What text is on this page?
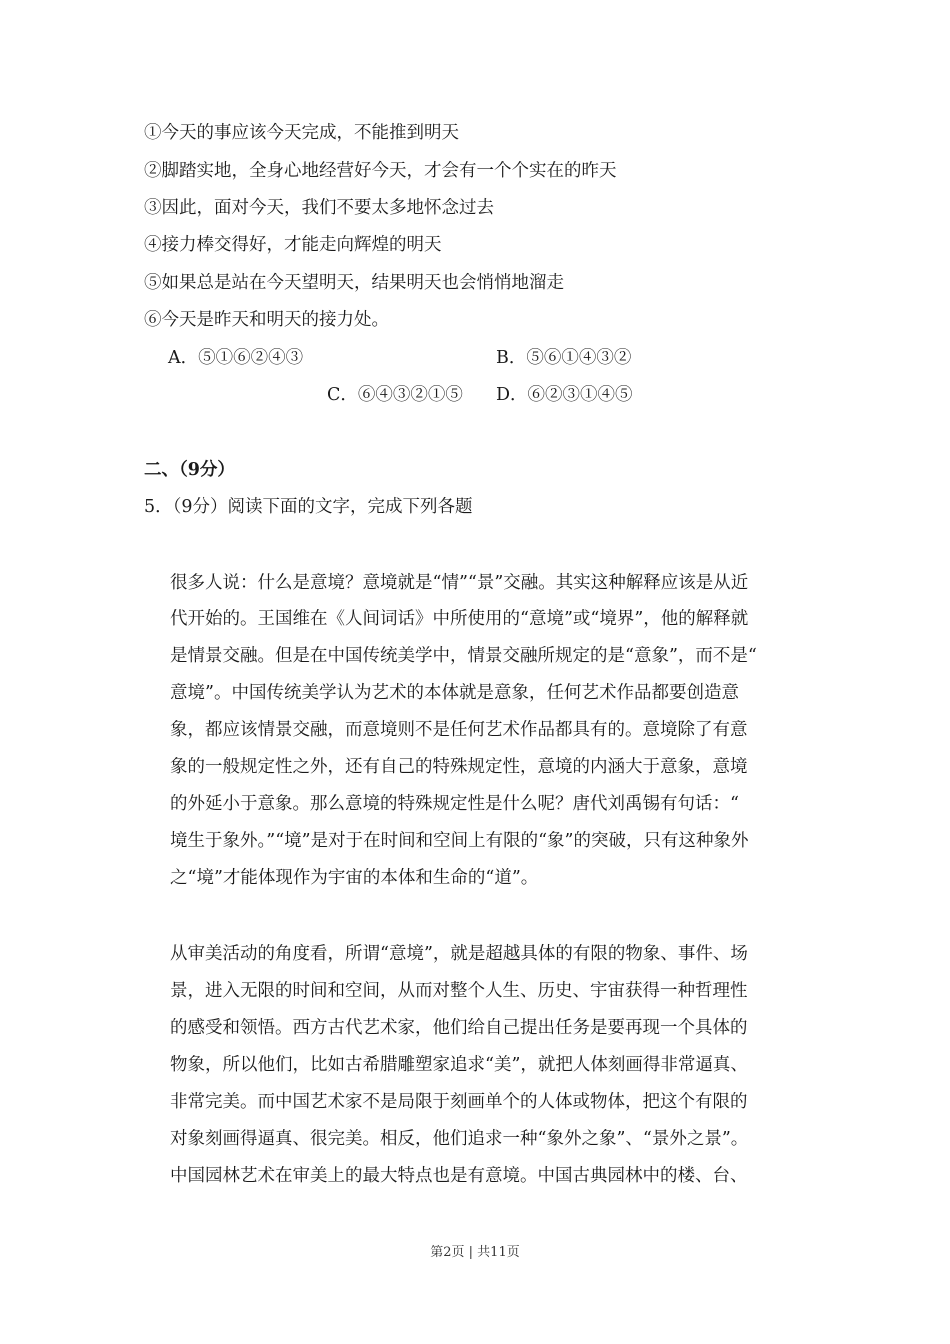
①今天的事应该今天完成，不能推到明天
②脚踏实地，全身心地经营好今天，才会有一个个实在的昨天
③因此，面对今天，我们不要太多地怀念过去
④接力棒交得好，才能走向辉煌的明天
⑤如果总是站在今天望明天，结果明天也会悄悄地溜走
⑥今天是昨天和明天的接力处。
A．⑤①⑥②④③	B．⑤⑥①④③②
C．⑥④③②①⑤ D．⑥②③①④⑤
二、（9分）
5．（9分）阅读下面的文字，完成下列各题
很多人说：什么是意境？意境就是“情”“景”交融。其实这种解释应该是从近
代开始的。王国维在《人间词话》中所使用的“意境”或“境界”，他的解释就
是情景交融。但是在中国传统美学中，情景交融所规定的是“意象”，而不是“
意境”。中国传统美学认为艺术的本体就是意象，任何艺术作品都要创造意
象，都应该情景交融，而意境则不是任何艺术作品都具有的。意境除了有意
象的一般规定性之外，还有自己的特殊规定性，意境的内涵大于意象，意境
的外延小于意象。那么意境的特殊规定性是什么呢？唐代刘禹锡有句话：“
境生于象外。”“境”是对于在时间和空间上有限的“象”的突破，只有这种象外
之“境”才能体现作为宇宙的本体和生命的“道”。
从审美活动的角度看，所谓“意境”，就是超越具体的有限的物象、事件、场
景，进入无限的时间和空间，从而对整个人生、历史、宇宙获得一种哲理性
的感受和领悟。西方古代艺术家，他们给自己提出任务是要再现一个具体的
物象，所以他们，比如古希腊雕塑家追求“美”，就把人体刻画得非常逼真、
非常完美。而中国艺术家不是局限于刻画单个的人体或物体，把这个有限的
对象刻画得逼真、很完美。相反，他们追求一种“象外之象”、“景外之景”。
中国园林艺术在审美上的最大特点也是有意境。中国古典园林中的楼、台、
第2页 | 共11页
